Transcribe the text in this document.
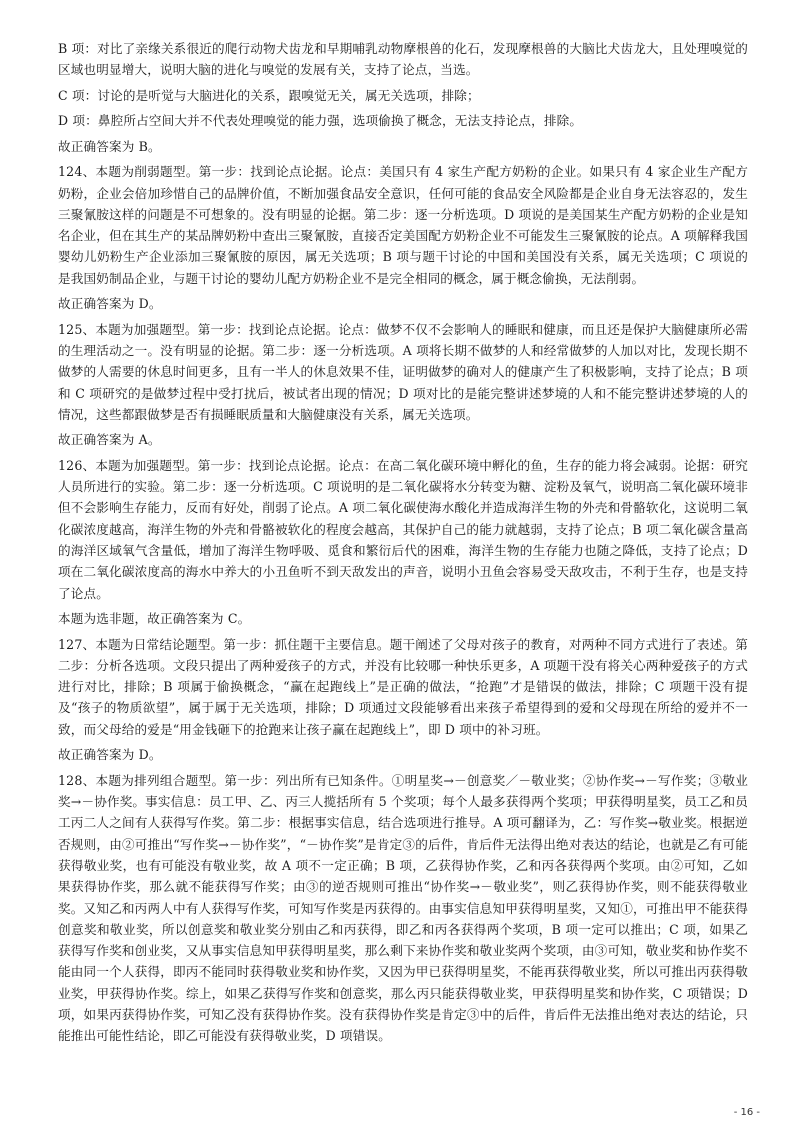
B 项：对比了亲缘关系很近的爬行动物犬齿龙和早期哺乳动物摩根兽的化石，发现摩根兽的大脑比犬齿龙大，且处理嗅觉的区域也明显增大，说明大脑的进化与嗅觉的发展有关，支持了论点，当选。

C 项：讨论的是听觉与大脑进化的关系，跟嗅觉无关，属无关选项，排除；

D 项：鼻腔所占空间大并不代表处理嗅觉的能力强，选项偷换了概念，无法支持论点，排除。

故正确答案为 B。

124、本题为削弱题型。第一步：找到论点论据。论点：美国只有 4 家生产配方奶粉的企业。如果只有 4 家企业生产配方奶粉，企业会倍加珍惜自己的品牌价值，不断加强食品安全意识，任何可能的食品安全风险都是企业自身无法容忍的，发生三聚氰胺这样的问题是不可想象的。没有明显的论据。第二步：逐一分析选项。D 项说的是美国某生产配方奶粉的企业是知名企业，但在其生产的某品牌奶粉中查出三聚氰胺，直接否定美国配方奶粉企业不可能发生三聚氰胺的论点。A 项解释我国婴幼儿奶粉生产企业添加三聚氰胺的原因，属无关选项；B 项与题干讨论的中国和美国没有关系，属无关选项；C 项说的是我国奶制品企业，与题干讨论的婴幼儿配方奶粉企业不是完全相同的概念，属于概念偷换，无法削弱。

故正确答案为 D。

125、本题为加强题型。第一步：找到论点论据。论点：做梦不仅不会影响人的睡眠和健康，而且还是保护大脑健康所必需的生理活动之一。没有明显的论据。第二步：逐一分析选项。A 项将长期不做梦的人和经常做梦的人加以对比，发现长期不做梦的人需要的休息时间更多，且有一半人的休息效果不佳，证明做梦的确对人的健康产生了积极影响，支持了论点；B 项和 C 项研究的是做梦过程中受打扰后，被试者出现的情况；D 项对比的是能完整讲述梦境的人和不能完整讲述梦境的人的情况，这些都跟做梦是否有损睡眠质量和大脑健康没有关系，属无关选项。

故正确答案为 A。

126、本题为加强题型。第一步：找到论点论据。论点：在高二氧化碳环境中孵化的鱼，生存的能力将会减弱。论据：研究人员所进行的实验。第二步：逐一分析选项。C 项说明的是二氧化碳将水分转变为糖、淀粉及氧气，说明高二氧化碳环境非但不会影响生存能力，反而有好处，削弱了论点。A 项二氧化碳使海水酸化并造成海洋生物的外壳和骨骼软化，这说明二氧化碳浓度越高，海洋生物的外壳和骨骼被软化的程度会越高，其保护自己的能力就越弱，支持了论点；B 项二氧化碳含量高的海洋区域氧气含量低，增加了海洋生物呼吸、觅食和繁衍后代的困难，海洋生物的生存能力也随之降低，支持了论点；D 项在二氧化碳浓度高的海水中养大的小丑鱼听不到天敌发出的声音，说明小丑鱼会容易受天敌攻击，不利于生存，也是支持了论点。

本题为选非题，故正确答案为 C。

127、本题为日常结论题型。第一步：抓住题干主要信息。题干阐述了父母对孩子的教育，对两种不同方式进行了表述。第二步：分析各选项。文段只提出了两种爱孩子的方式，并没有比较哪一种快乐更多，A 项题干没有将关心两种爱孩子的方式进行对比，排除；B 项属于偷换概念，“赢在起跑线上”是正确的做法，“抢跑”才是错误的做法，排除；C 项题干没有提及“孩子的物质欲望”，属于属于无关选项，排除；D 项通过文段能够看出来孩子希望得到的爱和父母现在所给的爱并不一致，而父母给的爱是“用金钱砸下的抢跑来让孩子赢在起跑线上”，即 D 项中的补习班。

故正确答案为 D。

128、本题为排列组合题型。第一步：列出所有已知条件。①明星奖→－创意奖／－敬业奖；②协作奖→－写作奖；③敬业奖→－协作奖。事实信息：员工甲、乙、丙三人揽括所有 5 个奖项；每个人最多获得两个奖项；甲获得明星奖，员工乙和员工丙二人之间有人获得写作奖。第二步：根据事实信息，结合选项进行推导。A 项可翻译为，乙：写作奖→敬业奖。根据逆否规则，由②可推出“写作奖→－协作奖”，“－协作奖”是肯定③的后件，肯后件无法得出绝对表达的结论，也就是乙有可能获得敬业奖，也有可能没有敬业奖，故 A 项不一定正确；B 项，乙获得协作奖，乙和丙各获得两个奖项。由②可知，乙如果获得协作奖，那么就不能获得写作奖；由③的逆否规则可推出“协作奖→－敬业奖”，则乙获得协作奖，则不能获得敬业奖。又知乙和丙两人中有人获得写作奖，可知写作奖是丙获得的。由事实信息知甲获得明星奖，又知①，可推出甲不能获得创意奖和敬业奖，所以创意奖和敬业奖分别由乙和丙获得，即乙和丙各获得两个奖项，B 项一定可以推出；C 项，如果乙获得写作奖和创业奖，又从事实信息知甲获得明星奖，那么剩下来协作奖和敬业奖两个奖项，由③可知，敬业奖和协作奖不能由同一个人获得，即丙不能同时获得敬业奖和协作奖，又因为甲已获得明星奖，不能再获得敬业奖，所以可推出丙获得敬业奖，甲获得协作奖。综上，如果乙获得写作奖和创意奖，那么丙只能获得敬业奖，甲获得明星奖和协作奖，C 项错误；D 项，如果丙获得协作奖，可知乙没有获得协作奖。没有获得协作奖是肯定③中的后件，肯后件无法推出绝对表达的结论，只能推出可能性结论，即乙可能没有获得敬业奖，D 项错误。

- 16 -
